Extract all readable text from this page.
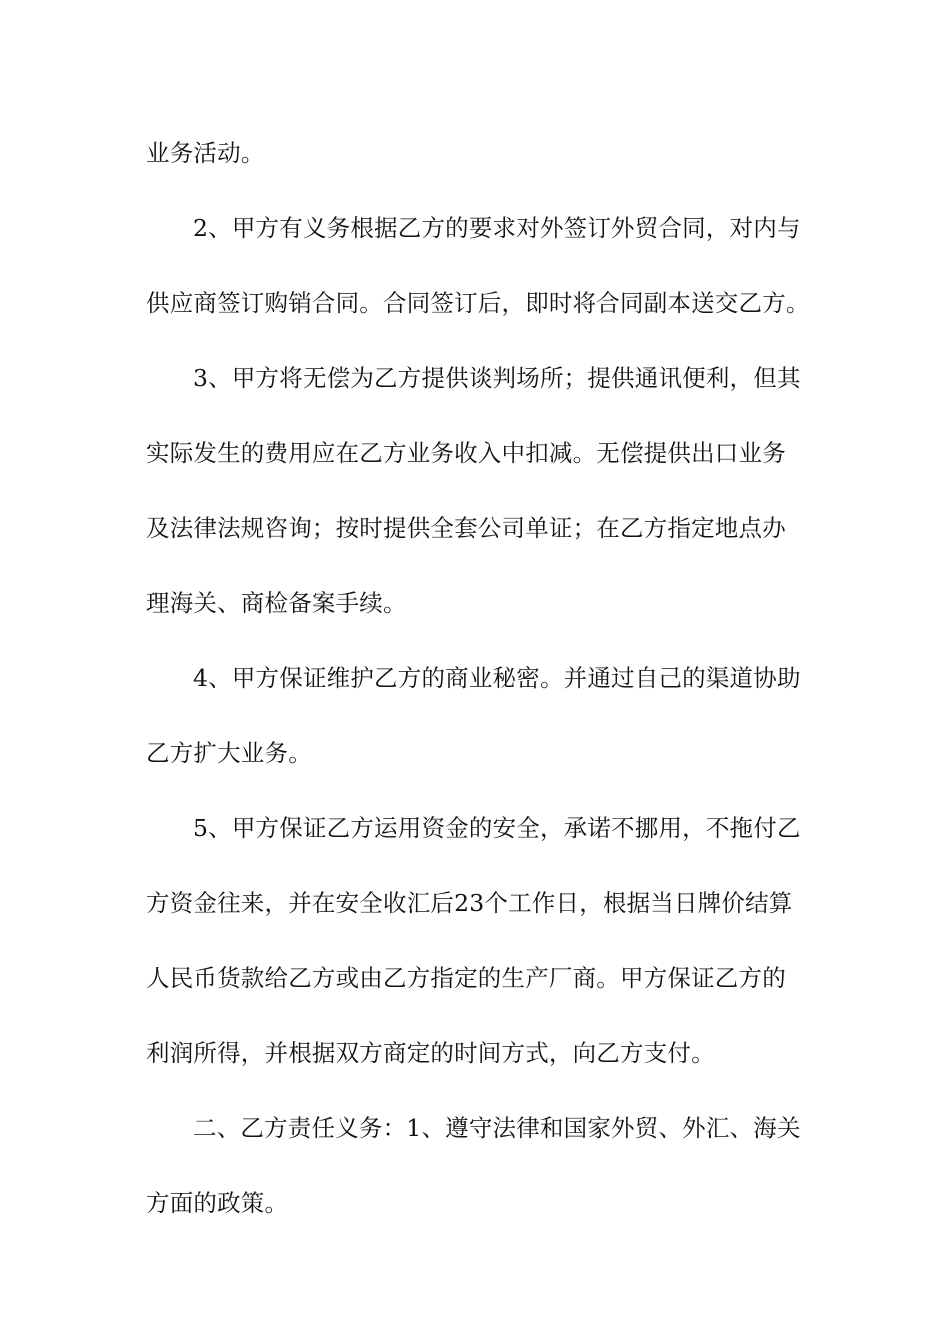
业务活动。
2、甲方有义务根据乙方的要求对外签订外贸合同，对内与
供应商签订购销合同。合同签订后，即时将合同副本送交乙方。
3、甲方将无偿为乙方提供谈判场所；提供通讯便利，但其
实际发生的费用应在乙方业务收入中扣减。无偿提供出口业务
及法律法规咨询；按时提供全套公司单证；在乙方指定地点办
理海关、商检备案手续。
4、甲方保证维护乙方的商业秘密。并通过自己的渠道协助
乙方扩大业务。
5、甲方保证乙方运用资金的安全，承诺不挪用，不拖付乙
方资金往来，并在安全收汇后23个工作日，根据当日牌价结算
人民币货款给乙方或由乙方指定的生产厂商。甲方保证乙方的
利润所得，并根据双方商定的时间方式，向乙方支付。
二、乙方责任义务：1、遵守法律和国家外贸、外汇、海关
方面的政策。
